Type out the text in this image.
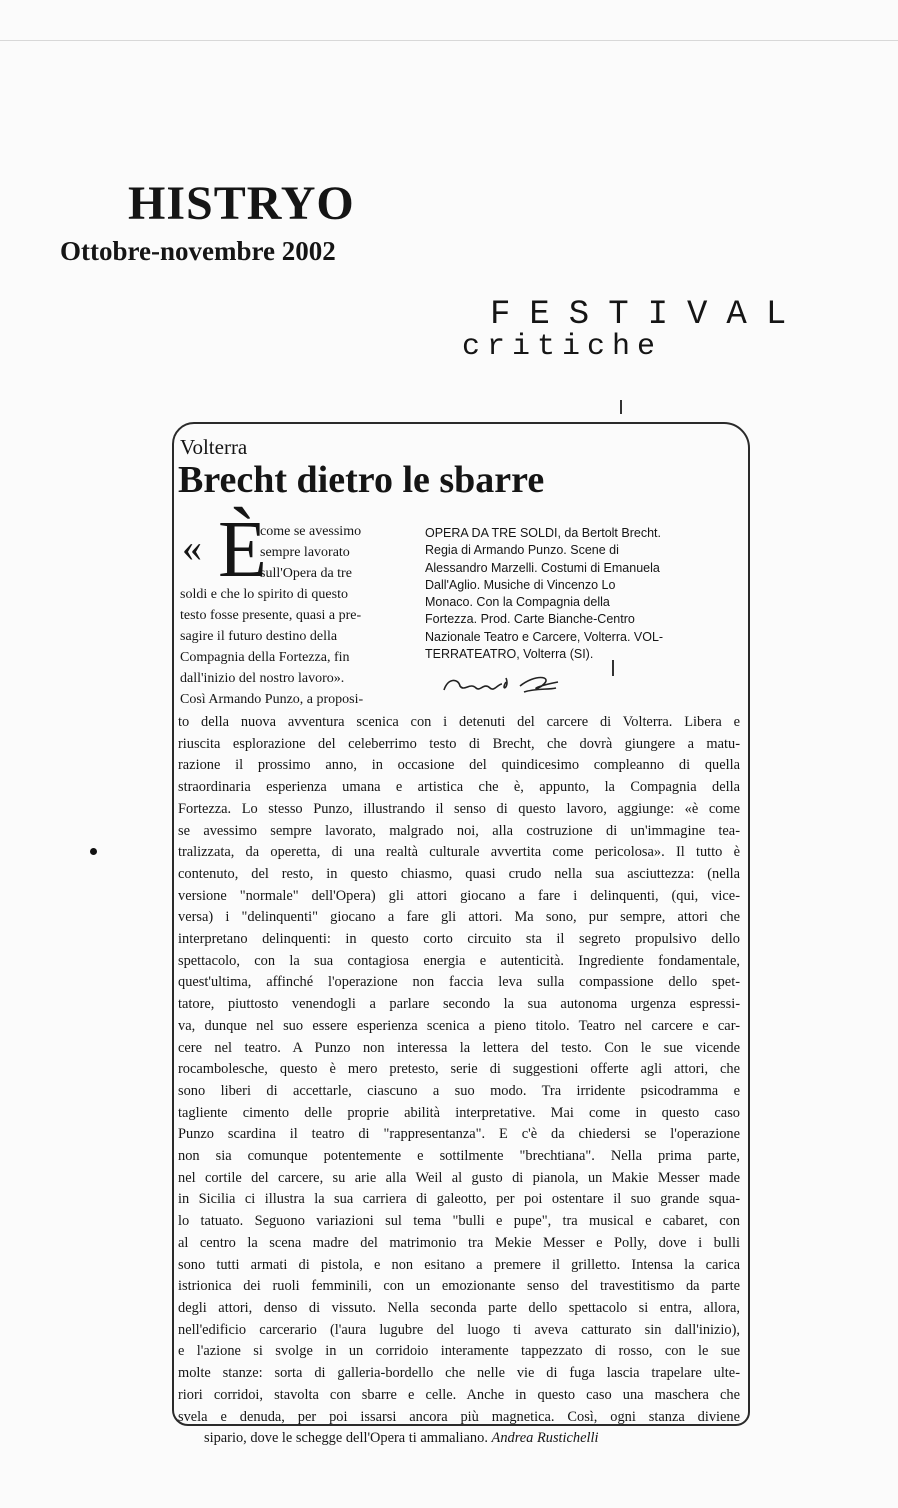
HISTRYO
Ottobre-novembre 2002
FESTIVAL
critiche
Volterra
Brecht dietro le sbarre
« È
come se avessimo
sempre lavorato
sull'Opera da tre
soldi e che lo spirito di questo
testo fosse presente, quasi a pre-
sagire il futuro destino della
Compagnia della Fortezza, fin
dall'inizio del nostro lavoro».
Così Armando Punzo, a proposi-
OPERA DA TRE SOLDI, da Bertolt Brecht.
Regia di Armando Punzo. Scene di
Alessandro Marzelli. Costumi di Emanuela
Dall'Aglio. Musiche di Vincenzo Lo
Monaco. Con la Compagnia della
Fortezza. Prod. Carte Bianche-Centro
Nazionale Teatro e Carcere, Volterra. VOL-
TERRATEATRO, Volterra (SI).
to della nuova avventura scenica con i detenuti del carcere di Volterra. Libera e
riuscita esplorazione del celeberrimo testo di Brecht, che dovrà giungere a matu-
razione il prossimo anno, in occasione del quindicesimo compleanno di quella
straordinaria esperienza umana e artistica che è, appunto, la Compagnia della
Fortezza. Lo stesso Punzo, illustrando il senso di questo lavoro, aggiunge: «è come
se avessimo sempre lavorato, malgrado noi, alla costruzione di un'immagine tea-
tralizzata, da operetta, di una realtà culturale avvertita come pericolosa». Il tutto è
contenuto, del resto, in questo chiasmo, quasi crudo nella sua asciuttezza: (nella
versione "normale" dell'Opera) gli attori giocano a fare i delinquenti, (qui, vice-
versa) i "delinquenti" giocano a fare gli attori. Ma sono, pur sempre, attori che
interpretano delinquenti: in questo corto circuito sta il segreto propulsivo dello
spettacolo, con la sua contagiosa energia e autenticità. Ingrediente fondamentale,
quest'ultima, affinché l'operazione non faccia leva sulla compassione dello spet-
tatore, piuttosto venendogli a parlare secondo la sua autonoma urgenza espressi-
va, dunque nel suo essere esperienza scenica a pieno titolo. Teatro nel carcere e car-
cere nel teatro. A Punzo non interessa la lettera del testo. Con le sue vicende
rocambolesche, questo è mero pretesto, serie di suggestioni offerte agli attori, che
sono liberi di accettarle, ciascuno a suo modo. Tra irridente psicodramma e
tagliente cimento delle proprie abilità interpretative. Mai come in questo caso
Punzo scardina il teatro di "rappresentanza". E c'è da chiedersi se l'operazione
non sia comunque potentemente e sottilmente "brechtiana". Nella prima parte,
nel cortile del carcere, su arie alla Weil al gusto di pianola, un Makie Messer made
in Sicilia ci illustra la sua carriera di galeotto, per poi ostentare il suo grande squa-
lo tatuato. Seguono variazioni sul tema "bulli e pupe", tra musical e cabaret, con
al centro la scena madre del matrimonio tra Mekie Messer e Polly, dove i bulli
sono tutti armati di pistola, e non esitano a premere il grilletto. Intensa la carica
istrionica dei ruoli femminili, con un emozionante senso del travestitismo da parte
degli attori, denso di vissuto. Nella seconda parte dello spettacolo si entra, allora,
nell'edificio carcerario (l'aura lugubre del luogo ti aveva catturato sin dall'inizio),
e l'azione si svolge in un corridoio interamente tappezzato di rosso, con le sue
molte stanze: sorta di galleria-bordello che nelle vie di fuga lascia trapelare ulte-
riori corridoi, stavolta con sbarre e celle. Anche in questo caso una maschera che
svela e denuda, per poi issarsi ancora più magnetica. Così, ogni stanza diviene
sipario, dove le schegge dell'Opera ti ammaliano. Andrea Rustichelli
